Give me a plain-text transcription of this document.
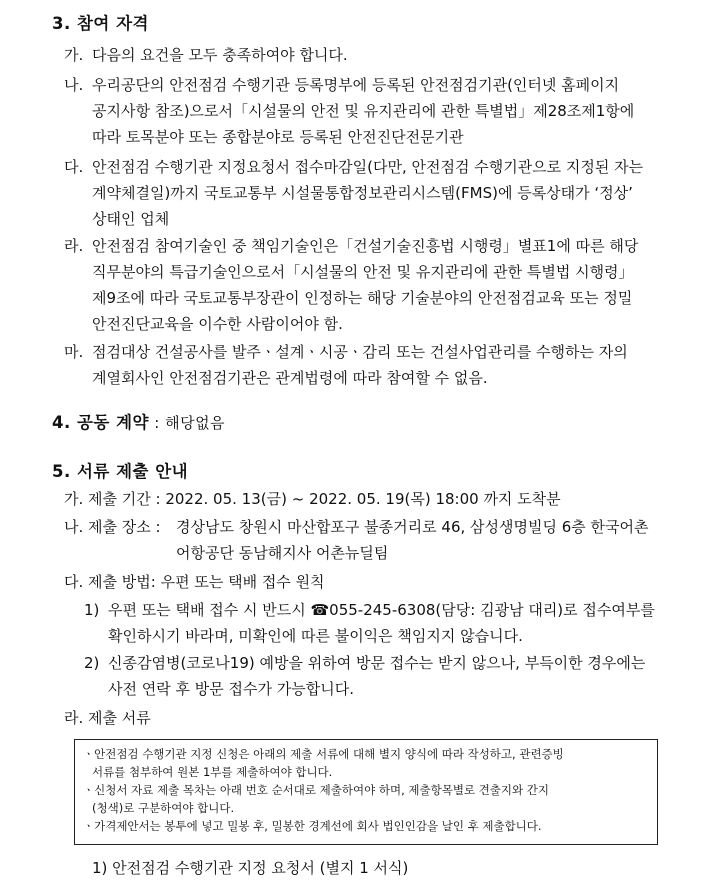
3. 참여 자격
가. 다음의 요건을 모두 충족하여야 합니다.
나. 우리공단의 안전점검 수행기관 등록명부에 등록된 안전점검기관(인터넷 홈페이지
공지사항 참조)으로서「시설물의 안전 및 유지관리에 관한 특별법」제28조제1항에
따라 토목분야 또는 종합분야로 등록된 안전진단전문기관
다. 안전점검 수행기관 지정요청서 접수마감일(다만, 안전점검 수행기관으로 지정된 자는
계약체결일)까지 국토교통부 시설물통합정보관리시스템(FMS)에 등록상태가 ‘정상’
상태인 업체
라. 안전점검 참여기술인 중 책임기술인은「건설기술진흥법 시행령」별표1에 따른 해당
직무분야의 특급기술인으로서「시설물의 안전 및 유지관리에 관한 특별법 시행령」
제9조에 따라 국토교통부장관이 인정하는 해당 기술분야의 안전점검교육 또는 정밀
안전진단교육을 이수한 사람이어야 함.
마. 점검대상 건설공사를 발주ㆍ설계ㆍ시공ㆍ감리 또는 건설사업관리를 수행하는 자의
계열회사인 안전점검기관은 관계법령에 따라 참여할 수 없음.
4. 공동 계약 : 해당없음
5. 서류 제출 안내
가. 제출 기간 : 2022. 05. 13(금) ~ 2022. 05. 19(목) 18:00 까지 도착분
나. 제출 장소 : 경상남도 창원시 마산합포구 불종거리로 46, 삼성생명빌딩 6층 한국어촌
어항공단 동남해지사 어촌뉴딜팀
다. 제출 방법: 우편 또는 택배 접수 원칙
1) 우편 또는 택배 접수 시 반드시 ☎055-245-6308(담당: 김광남 대리)로 접수여부를
확인하시기 바라며, 미확인에 따른 불이익은 책임지지 않습니다.
2) 신종감염병(코로나19) 예방을 위하여 방문 접수는 받지 않으나, 부득이한 경우에는
사전 연락 후 방문 접수가 가능합니다.
라. 제출 서류
ㆍ안전점검 수행기관 지정 신청은 아래의 제출 서류에 대해 별지 양식에 따라 작성하고, 관련증빙
서류를 첨부하여 원본 1부를 제출하여야 합니다.
ㆍ신청서 자료 제출 목차는 아래 번호 순서대로 제출하여야 하며, 제출항목별로 견출지와 간지
(청색)로 구분하여야 합니다.
ㆍ가격제안서는 봉투에 넣고 밀봉 후, 밀봉한 경계선에 회사 법인인감을 날인 후 제출합니다.
1) 안전점검 수행기관 지정 요청서 (별지 1 서식)
